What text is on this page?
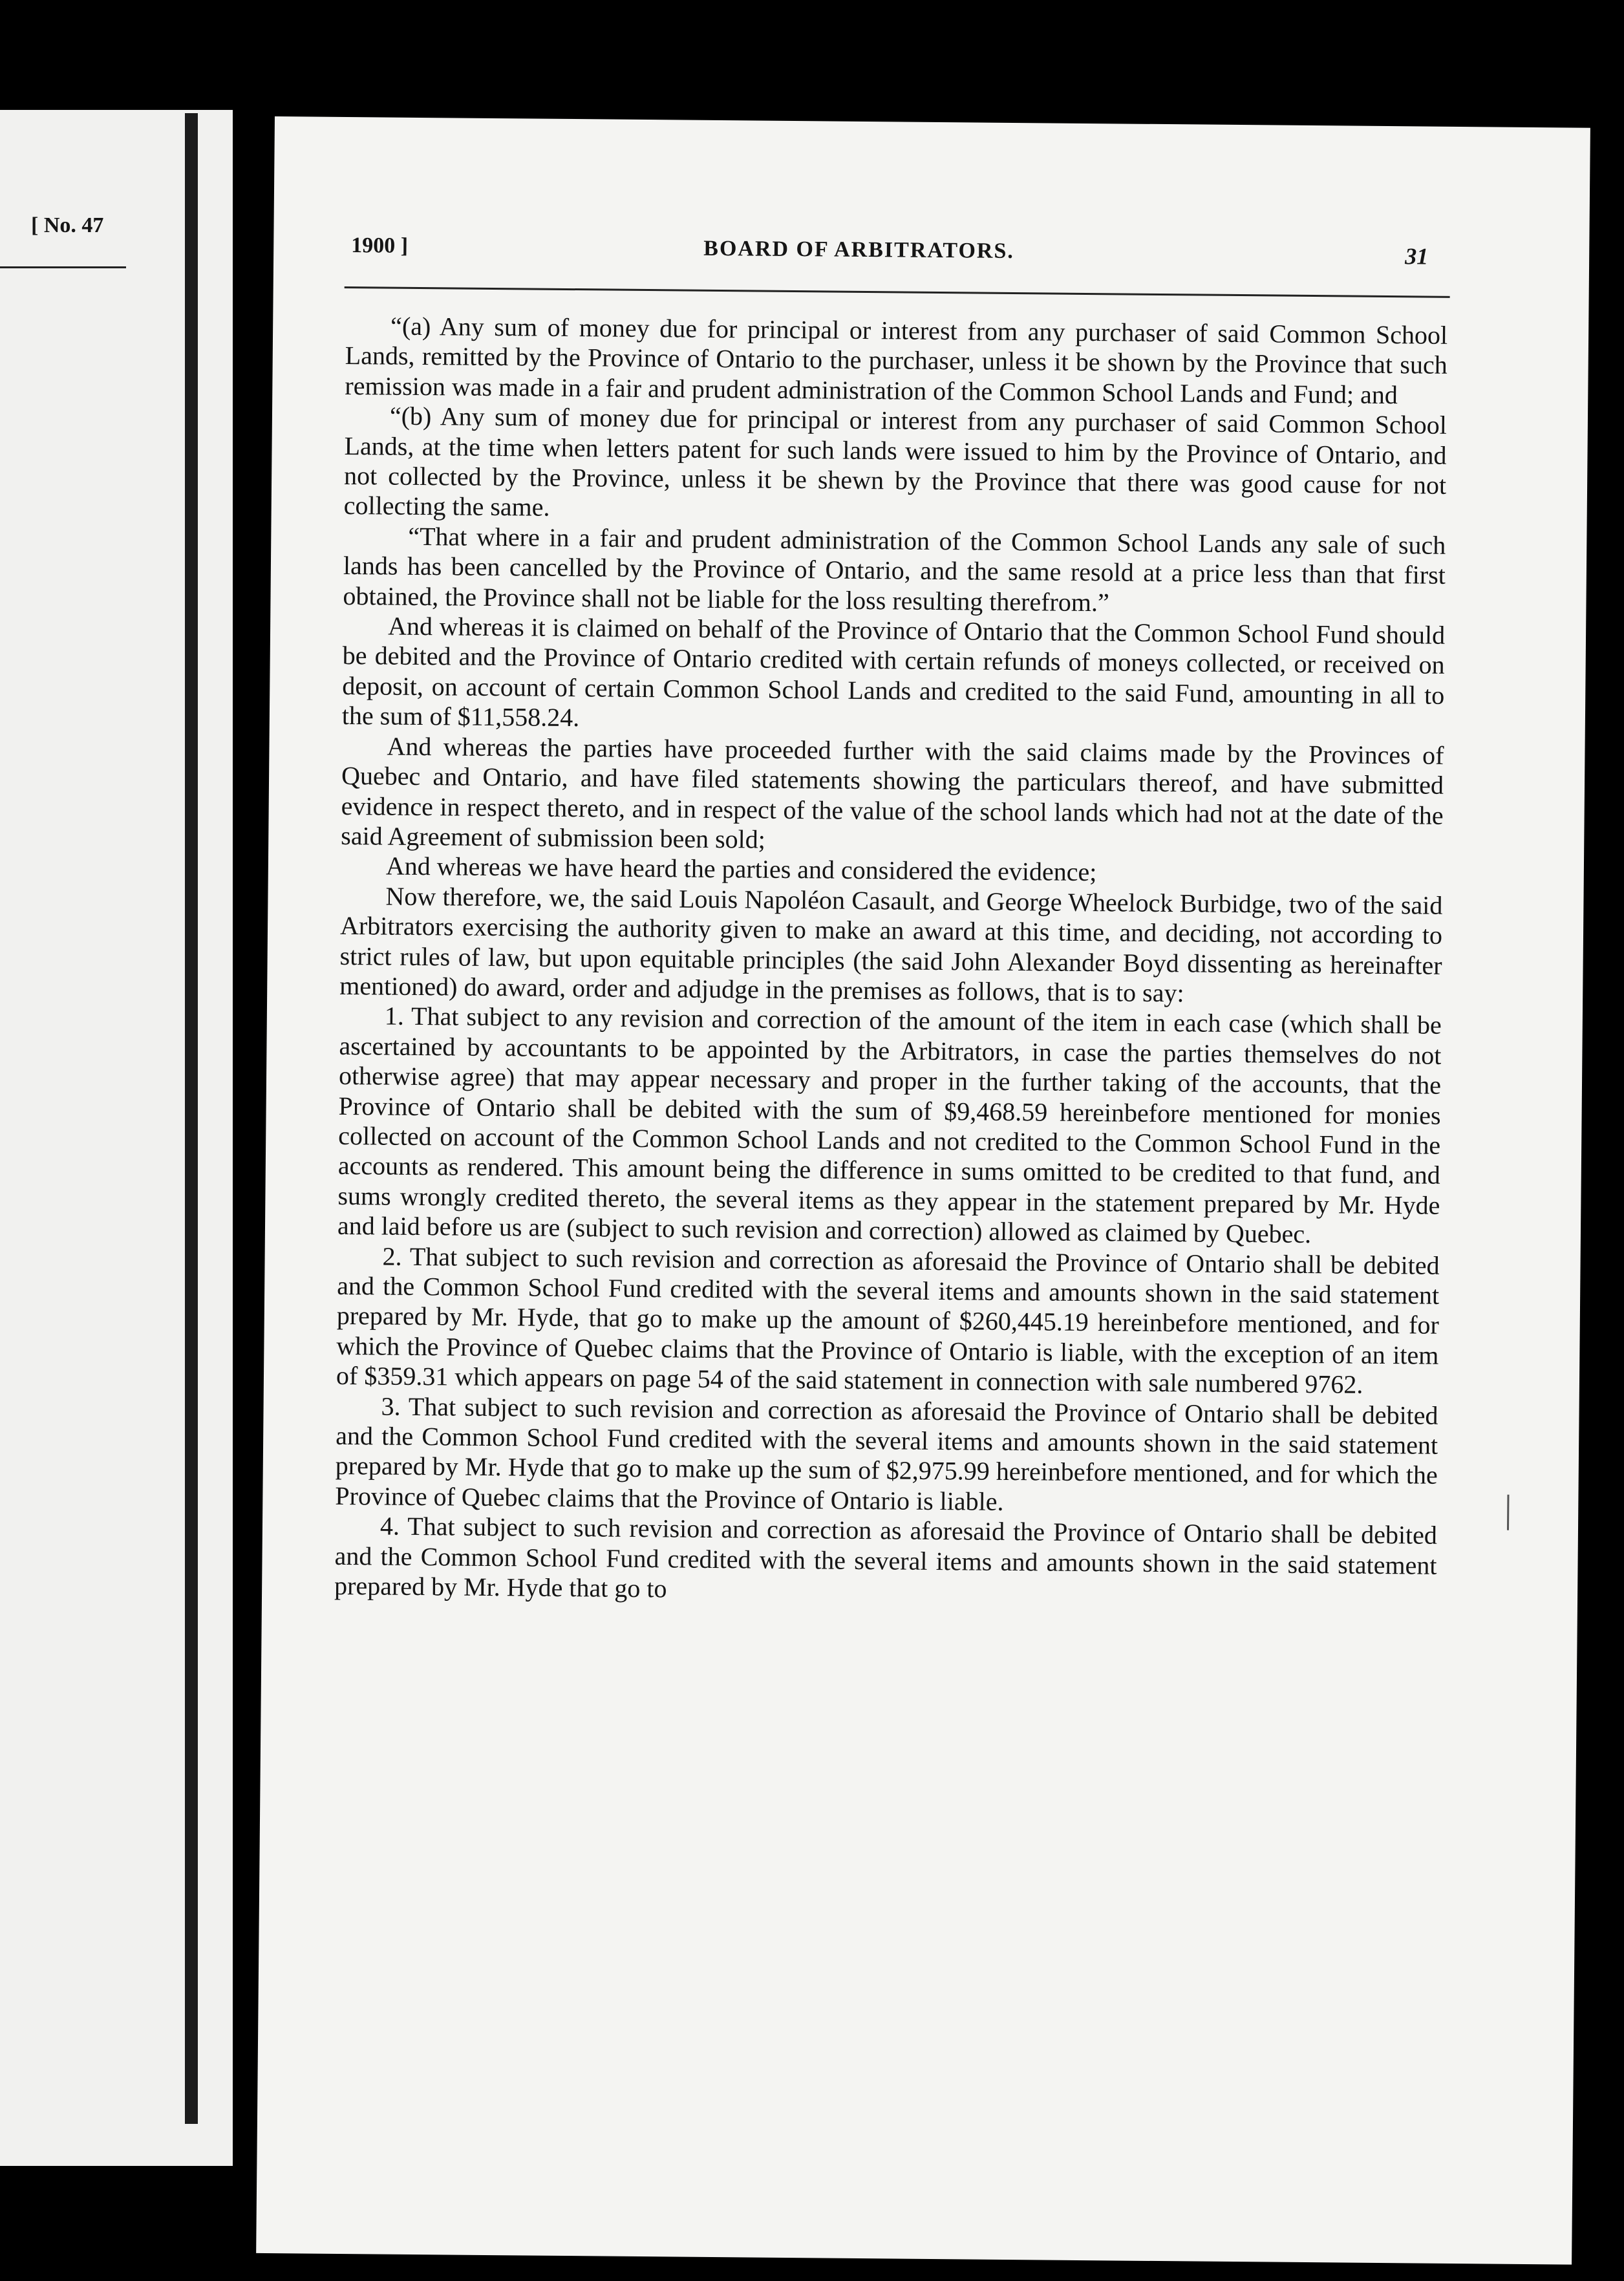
[ No. 47
1900 ]	BOARD OF ARBITRATORS.	31

“(a) Any sum of money due for principal or interest from any purchaser of said Common School Lands, remitted by the Province of Ontario to the purchaser, unless it be shown by the Province that such remission was made in a fair and prudent administration of the Common School Lands and Fund; and

“(b) Any sum of money due for principal or interest from any purchaser of said Common School Lands, at the time when letters patent for such lands were issued to him by the Province of Ontario, and not collected by the Province, unless it be shewn by the Province that there was good cause for not collecting the same.

“That where in a fair and prudent administration of the Common School Lands any sale of such lands has been cancelled by the Province of Ontario, and the same resold at a price less than that first obtained, the Province shall not be liable for the loss resulting therefrom.”

And whereas it is claimed on behalf of the Province of Ontario that the Common School Fund should be debited and the Province of Ontario credited with certain refunds of moneys collected, or received on deposit, on account of certain Common School Lands and credited to the said Fund, amounting in all to the sum of $11,558.24.

And whereas the parties have proceeded further with the said claims made by the Provinces of Quebec and Ontario, and have filed statements showing the particulars thereof, and have submitted evidence in respect thereto, and in respect of the value of the school lands which had not at the date of the said Agreement of submission been sold;

And whereas we have heard the parties and considered the evidence;

Now therefore, we, the said Louis Napoléon Casault, and George Wheelock Burbidge, two of the said Arbitrators exercising the authority given to make an award at this time, and deciding, not according to strict rules of law, but upon equitable principles (the said John Alexander Boyd dissenting as hereinafter mentioned) do award, order and adjudge in the premises as follows, that is to say:

1. That subject to any revision and correction of the amount of the item in each case (which shall be ascertained by accountants to be appointed by the Arbitrators, in case the parties themselves do not otherwise agree) that may appear necessary and proper in the further taking of the accounts, that the Province of Ontario shall be debited with the sum of $9,468.59 hereinbefore mentioned for monies collected on account of the Common School Lands and not credited to the Common School Fund in the accounts as rendered. This amount being the difference in sums omitted to be credited to that fund, and sums wrongly credited thereto, the several items as they appear in the statement prepared by Mr. Hyde and laid before us are (subject to such revision and correction) allowed as claimed by Quebec.

2. That subject to such revision and correction as aforesaid the Province of Ontario shall be debited and the Common School Fund credited with the several items and amounts shown in the said statement prepared by Mr. Hyde, that go to make up the amount of $260,445.19 hereinbefore mentioned, and for which the Province of Quebec claims that the Province of Ontario is liable, with the exception of an item of $359.31 which appears on page 54 of the said statement in connection with sale numbered 9762.

3. That subject to such revision and correction as aforesaid the Province of Ontario shall be debited and the Common School Fund credited with the several items and amounts shown in the said statement prepared by Mr. Hyde that go to make up the sum of $2,975.99 hereinbefore mentioned, and for which the Province of Quebec claims that the Province of Ontario is liable.

4. That subject to such revision and correction as aforesaid the Province of Ontario shall be debited and the Common School Fund credited with the several items and amounts shown in the said statement prepared by Mr. Hyde that go to
